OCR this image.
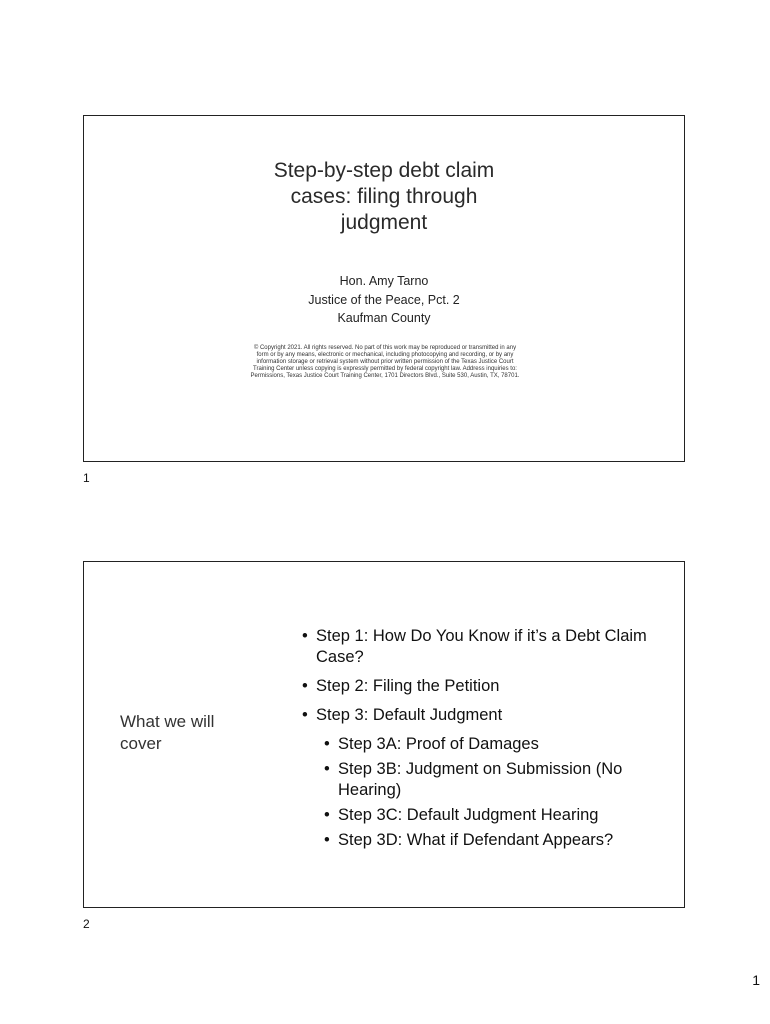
Step-by-step debt claim
cases: filing through
judgment
Hon. Amy Tarno
Justice of the Peace, Pct. 2
Kaufman County
© Copyright 2021. All rights reserved. No part of this work may be reproduced or transmitted in any form or by any means, electronic or mechanical, including photocopying and recording, or by any information storage or retrieval system without prior written permission of the Texas Justice Court Training Center unless copying is expressly permitted by federal copyright law. Address inquiries to: Permissions, Texas Justice Court Training Center, 1701 Directors Blvd., Suite 530, Austin, TX, 78701.
1
What we will cover
• Step 1: How Do You Know if it’s a Debt Claim Case?
• Step 2: Filing the Petition
• Step 3: Default Judgment
• Step 3A: Proof of Damages
• Step 3B: Judgment on Submission (No Hearing)
• Step 3C: Default Judgment Hearing
• Step 3D: What if Defendant Appears?
2
1
